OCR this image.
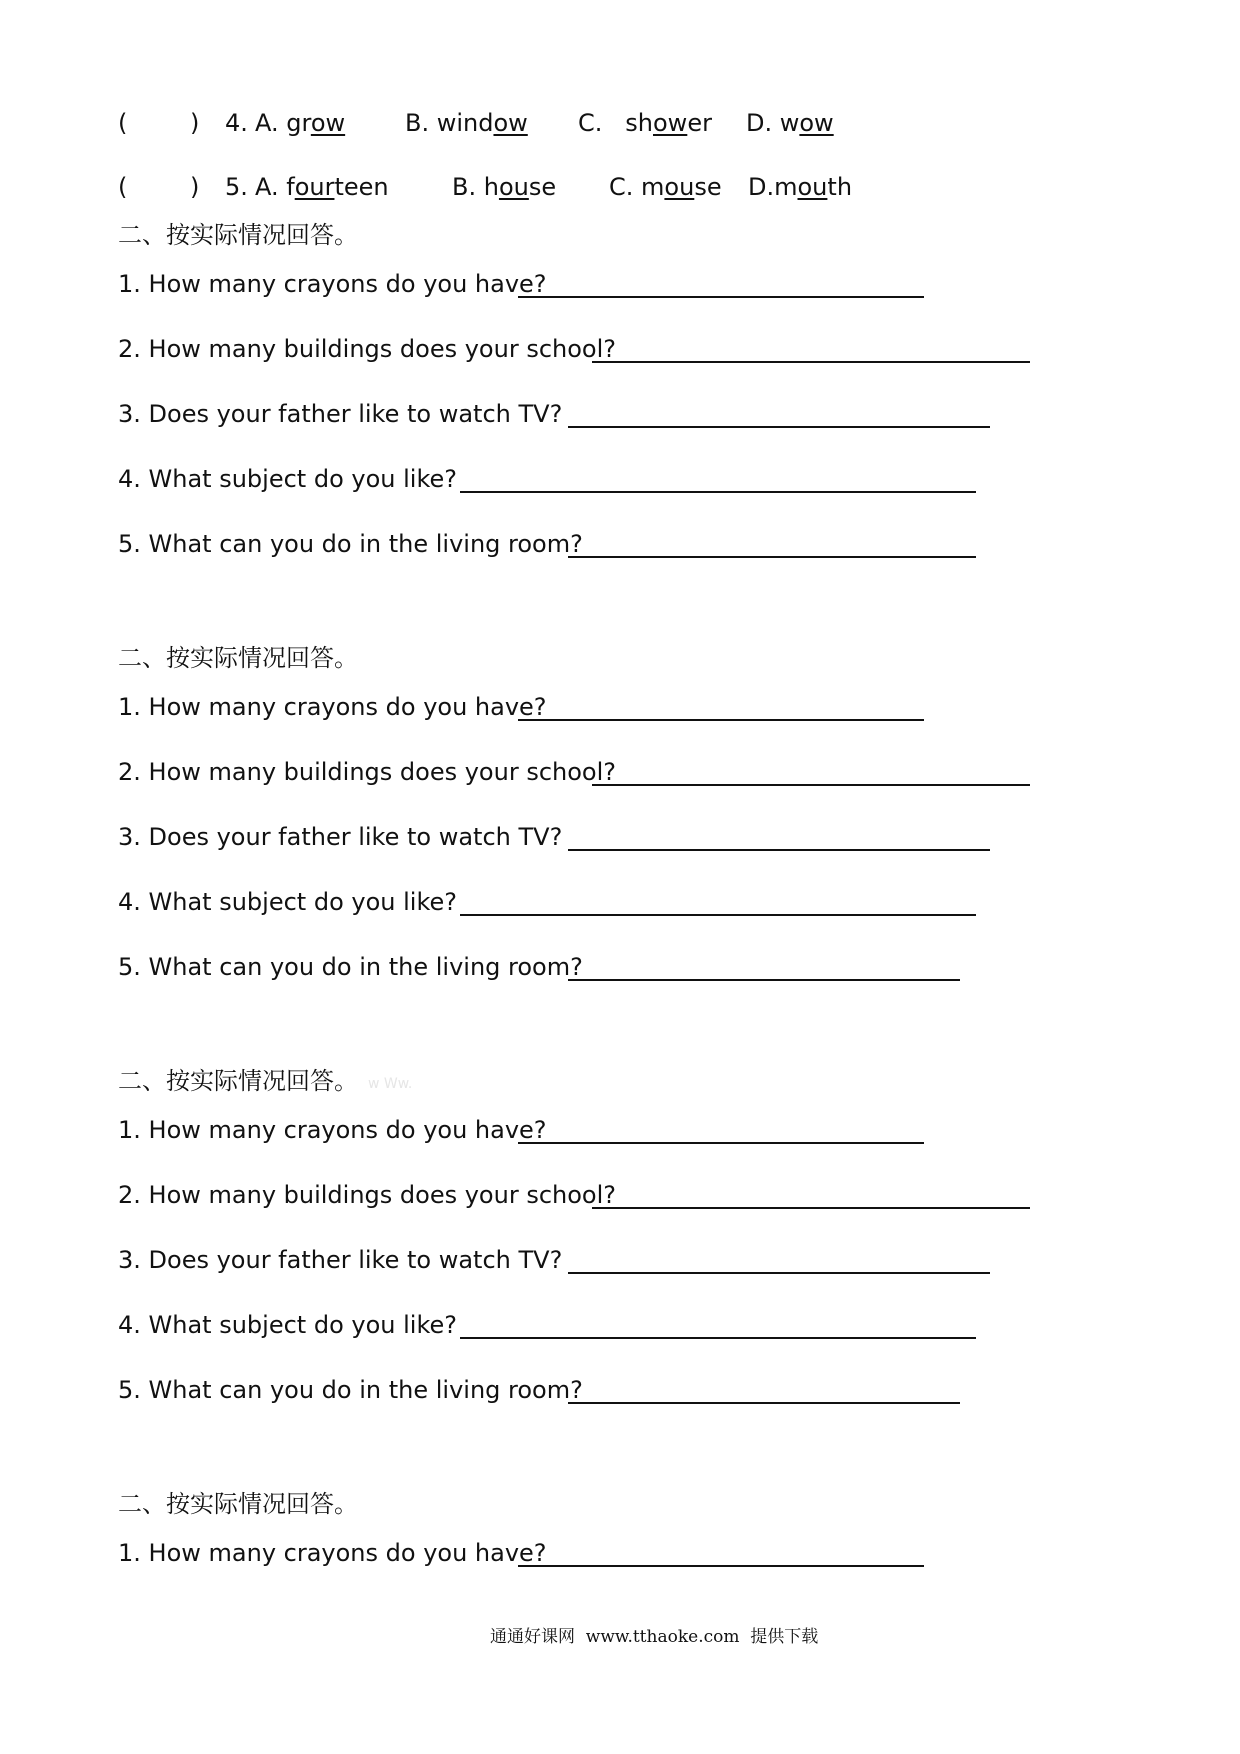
(	) 4. A. grow B. window C.   shower D. wow
(	) 5. A. fourteen	B. house C. mouse D.mouth
二、按实际情况回答。
1. How many crayons do you have?
2. How many buildings does your school?
3. Does your father like to watch TV?
4. What subject do you like?
5. What can you do in the living room?
二、按实际情况回答。
1. How many crayons do you have?
2. How many buildings does your school?
3. Does your father like to watch TV?
4. What subject do you like?
5. What can you do in the living room?
二、按实际情况回答。 w Ww.
1. How many crayons do you have?
2. How many buildings does your school?
3. Does your father like to watch TV?
4. What subject do you like?
5. What can you do in the living room?
二、按实际情况回答。
1. How many crayons do you have?
通通好课网  www.tthaoke.com  提供下载
